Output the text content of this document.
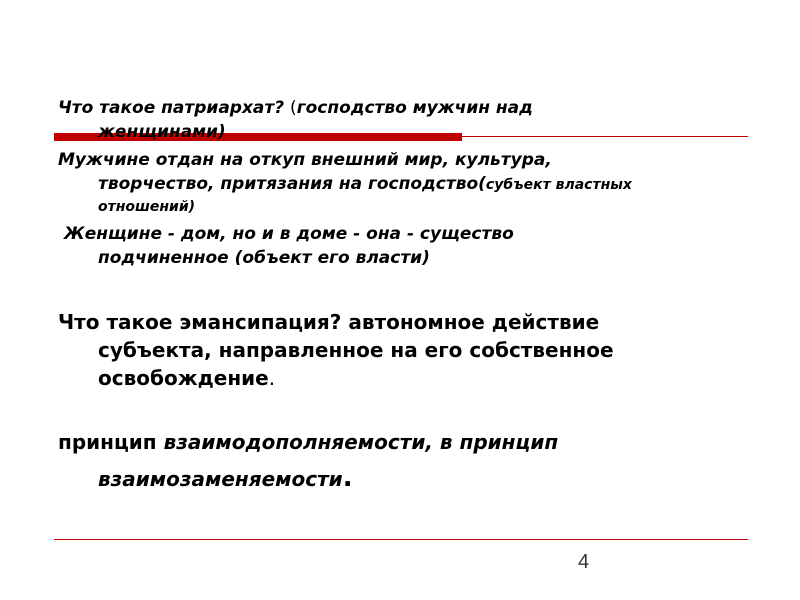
Что такое патриархат? (господство мужчин над
женщинами)
Мужчине отдан на откуп внешний мир, культура,
творчество, притязания на господство(субъект властных
отношений)
Женщине - дом, но и в доме - она - существо
подчиненное (объект его власти)
Что такое эмансипация? автономное действие
субъекта, направленное на его собственное
освобождение.
принцип взаимодополняемости, в принцип
взаимозаменяемости.
4
